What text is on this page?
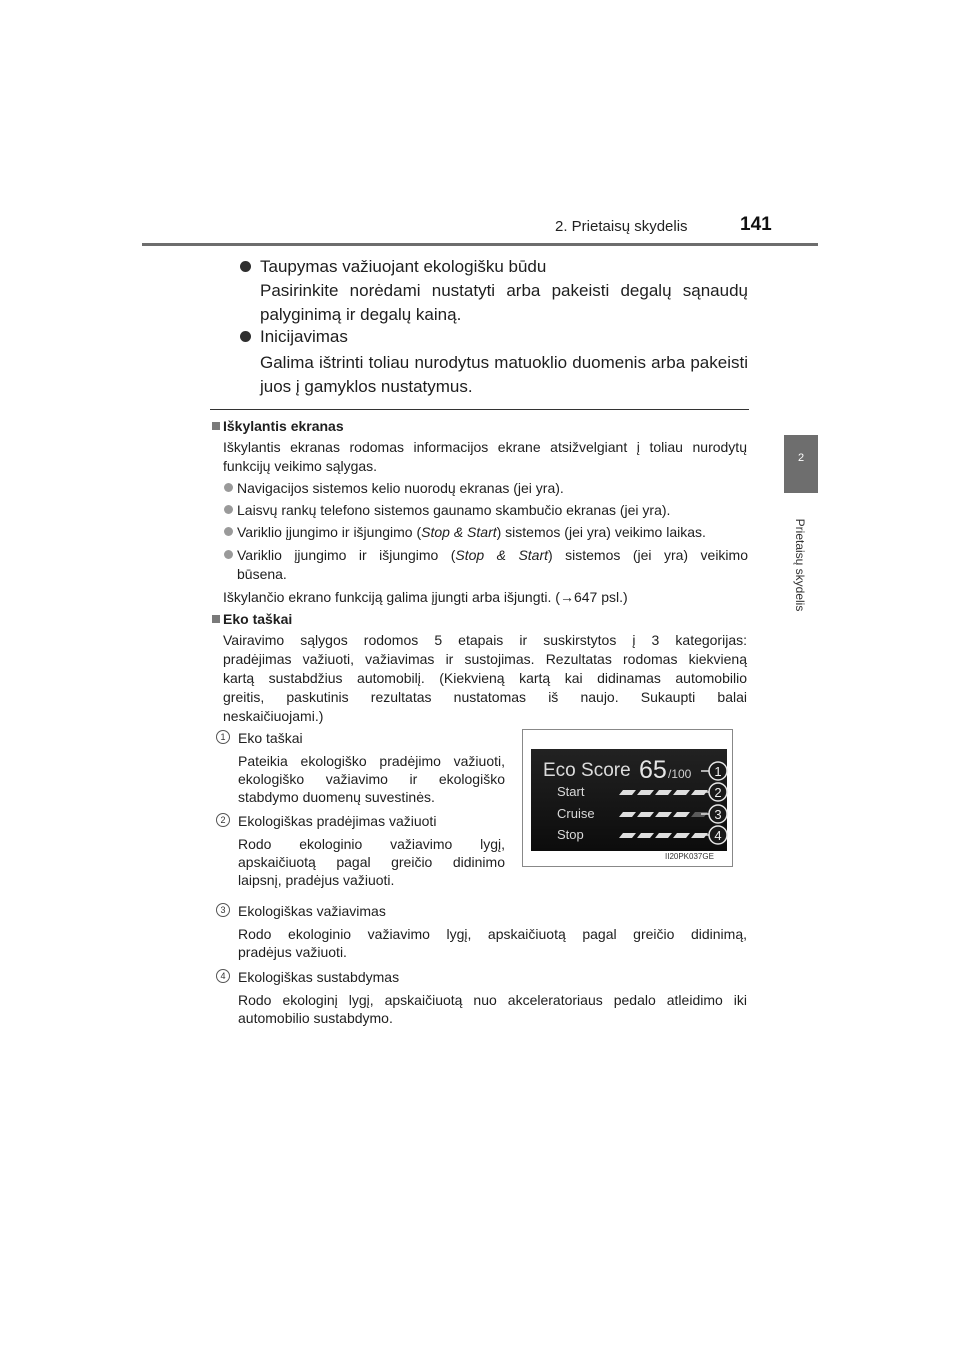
2. Prietaisų skydelis	141
2
Prietaisų skydelis
Taupymas važiuojant ekologišku būdu
Pasirinkite norėdami nustatyti arba pakeisti degalų sąnaudų
palyginimą ir degalų kainą.
Inicijavimas
Galima ištrinti toliau nurodytus matuoklio duomenis arba pakeisti
juos į gamyklos nustatymus.
Iškylantis ekranas
Iškylantis ekranas rodomas informacijos ekrane atsižvelgiant į toliau nurodytų
funkcijų veikimo sąlygas.
Navigacijos sistemos kelio nuorodų ekranas (jei yra).
Laisvų rankų telefono sistemos gaunamo skambučio ekranas (jei yra).
Variklio įjungimo ir išjungimo (Stop & Start) sistemos (jei yra) veikimo laikas.
Variklio įjungimo ir išjungimo (Stop & Start) sistemos (jei yra) veikimo
būsena.
Iškylančio ekrano funkciją galima įjungti arba išjungti. (→647 psl.)
Eko taškai
Vairavimo sąlygos rodomos 5 etapais ir suskirstytos į 3 kategorijas:
pradėjimas važiuoti, važiavimas ir sustojimas. Rezultatas rodomas kiekvieną
kartą sustabdžius automobilį. (Kiekvieną kartą kai didinamas automobilio
greitis, paskutinis rezultatas nustatomas iš naujo. Sukaupti balai
neskaičiuojami.)
1 Eko taškai
Pateikia ekologiško pradėjimo važiuoti,
ekologiško važiavimo ir ekologiško
stabdymo duomenų suvestinės.
2 Ekologiškas pradėjimas važiuoti
Rodo ekologinio važiavimo lygį,
apskaičiuotą pagal greičio didinimo
laipsnį, pradėjus važiuoti.
3 Ekologiškas važiavimas
Rodo ekologinio važiavimo lygį, apskaičiuotą pagal greičio didinimą,
pradėjus važiuoti.
4 Ekologiškas sustabdymas
Rodo ekologinį lygį, apskaičiuotą nuo akceleratoriaus pedalo atleidimo iki
automobilio sustabdymo.
Eco Score 65 /100
Start
Cruise
Stop
1
2
3
4
II20PK037GE
